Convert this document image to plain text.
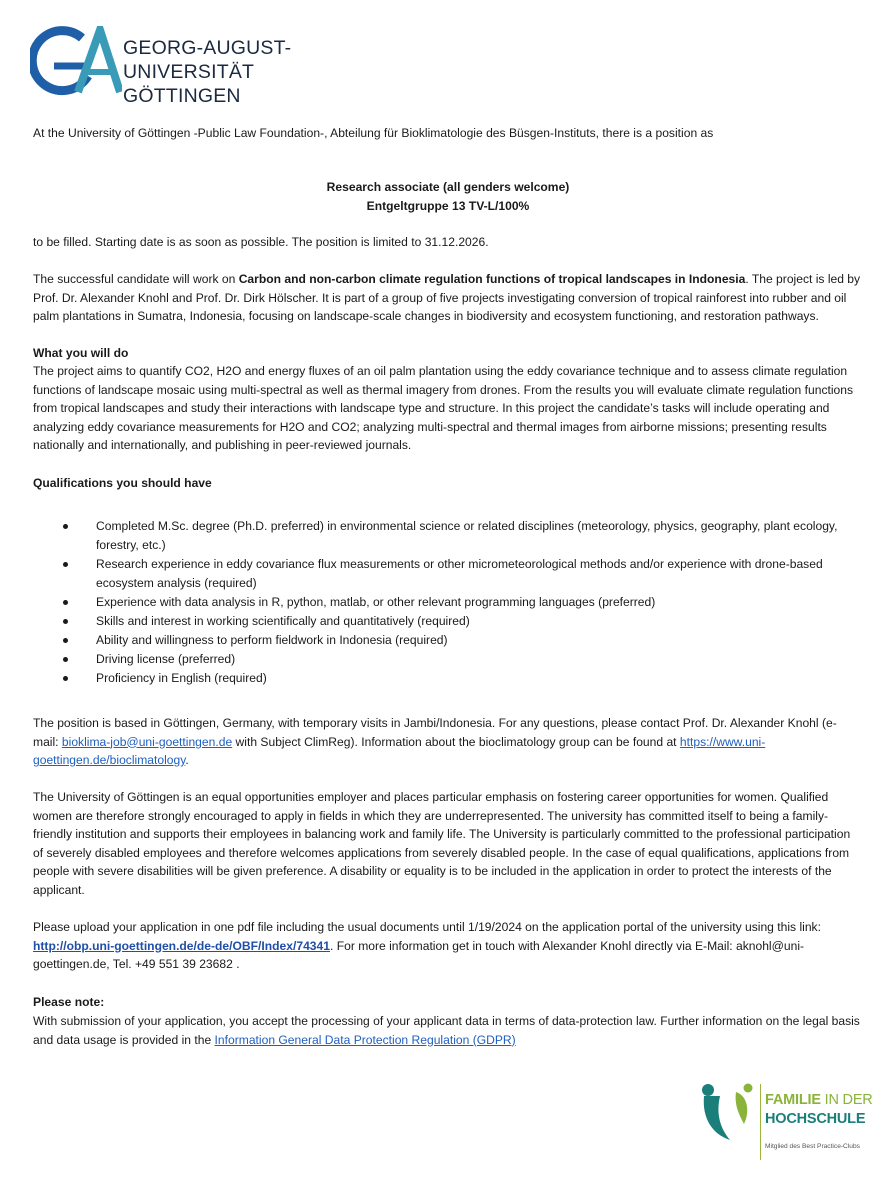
GEORG-AUGUST-UNIVERSITÄT
GÖTTINGEN

At the University of Göttingen -Public Law Foundation-, Abteilung für Bioklimatologie des Büsgen-Instituts, there is a position as

Research associate (all genders welcome)

Entgeltgruppe 13 TV-L/100%

to be filled. Starting date is as soon as possible. The position is limited to 31.12.2026.

The successful candidate will work on Carbon and non-carbon climate regulation functions of tropical landscapes in Indonesia. The project is led by Prof. Dr. Alexander Knohl and Prof. Dr. Dirk Hölscher. It is part of a group of five projects investigating conversion of tropical rainforest into rubber and oil palm plantations in Sumatra, Indonesia, focusing on landscape-scale changes in biodiversity and ecosystem functioning, and restoration pathways.

What you will do

The project aims to quantify CO2, H2O and energy fluxes of an oil palm plantation using the eddy covariance technique and to assess climate regulation functions of landscape mosaic using multi-spectral as well as thermal imagery from drones. From the results you will evaluate climate regulation functions from tropical landscapes and study their interactions with landscape type and structure. In this project the candidate’s tasks will include operating and analyzing eddy covariance measurements for H2O and CO2; analyzing multi-spectral and thermal images from airborne missions; presenting results nationally and internationally, and publishing in peer-reviewed journals.

Qualifications you should have

Completed M.Sc. degree (Ph.D. preferred) in environmental science or related disciplines (meteorology, physics, geography, plant ecology, forestry, etc.)
Research experience in eddy covariance flux measurements or other micrometeorological methods and/or experience with drone-based ecosystem analysis (required)
Experience with data analysis in R, python, matlab, or other relevant programming languages (preferred)
Skills and interest in working scientifically and quantitatively (required)
Ability and willingness to perform fieldwork in Indonesia (required)
Driving license (preferred)
Proficiency in English (required)

The position is based in Göttingen, Germany, with temporary visits in Jambi/Indonesia. For any questions, please contact Prof. Dr. Alexander Knohl (e-mail: bioklima-job@uni-goettingen.de with Subject ClimReg). Information about the bioclimatology group can be found at https://www.uni-goettingen.de/bioclimatology.

The University of Göttingen is an equal opportunities employer and places particular emphasis on fostering career opportunities for women. Qualified women are therefore strongly encouraged to apply in fields in which they are underrepresented. The university has committed itself to being a family-friendly institution and supports their employees in balancing work and family life. The University is particularly committed to the professional participation of severely disabled employees and therefore welcomes applications from severely disabled people. In the case of equal qualifications, applications from people with severe disabilities will be given preference. A disability or equality is to be included in the application in order to protect the interests of the applicant.

Please upload your application in one pdf file including the usual documents until 1/19/2024 on the application portal of the university using this link: http://obp.uni-goettingen.de/de-de/OBF/Index/74341. For more information get in touch with Alexander Knohl directly via E-Mail: aknohl@uni-goettingen.de, Tel. +49 551 39 23682 .

Please note:

With submission of your application, you accept the processing of your applicant data in terms of data-protection law. Further information on the legal basis and data usage is provided in the Information General Data Protection Regulation (GDPR)

FAMILIE IN DER
HOCHSCHULE
Mitglied des Best Practice-Clubs
